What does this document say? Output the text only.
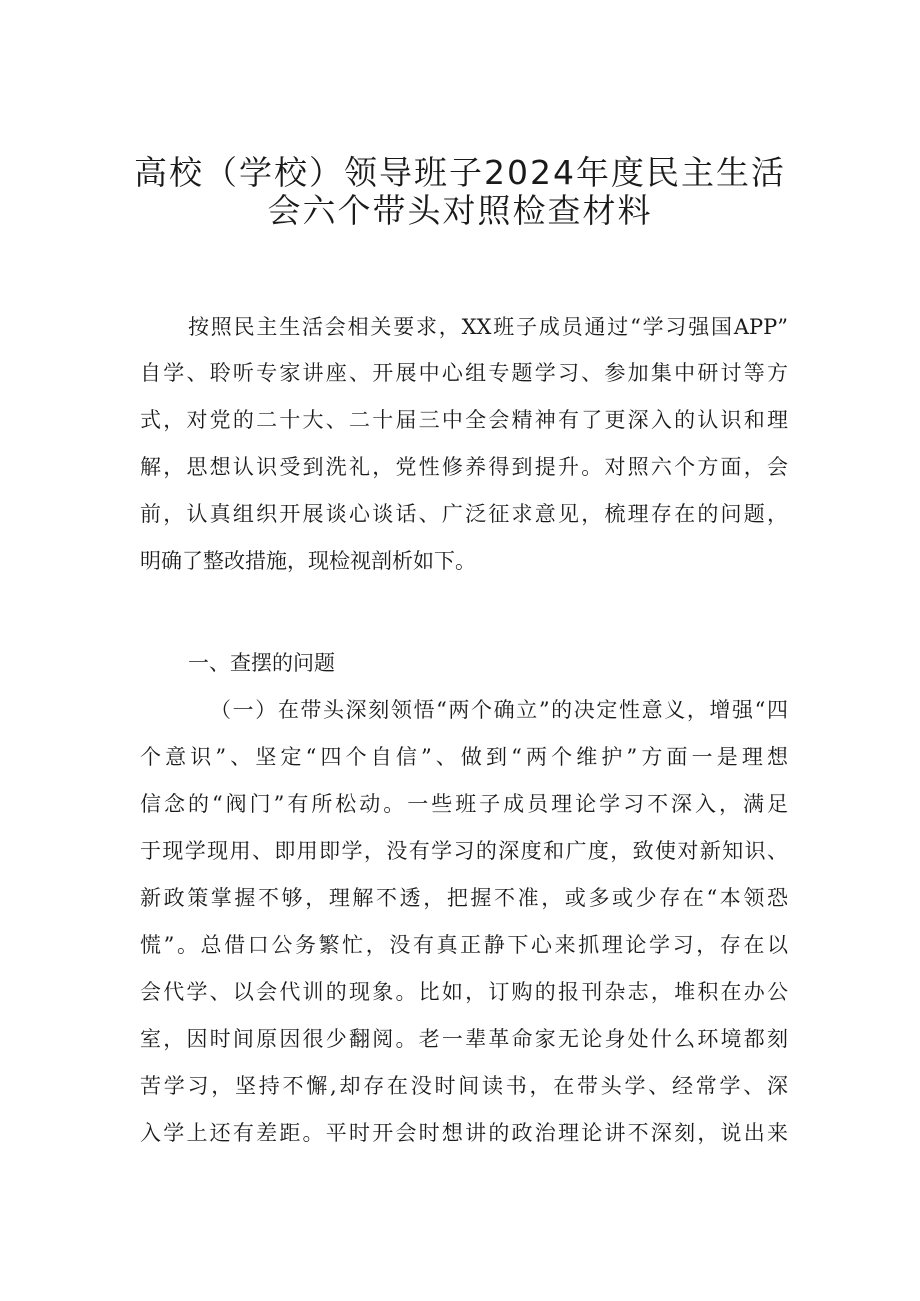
高校（学校）领导班子2024年度民主生活
会六个带头对照检查材料

按照民主生活会相关要求，XX班子成员通过“学习强国APP”

自学、聆听专家讲座、开展中心组专题学习、参加集中研讨等方

式，对党的二十大、二十届三中全会精神有了更深入的认识和理

解，思想认识受到洗礼，党性修养得到提升。对照六个方面，会

前，认真组织开展谈心谈话、广泛征求意见，梳理存在的问题，

明确了整改措施，现检视剖析如下。

一、查摆的问题

（一）在带头深刻领悟“两个确立”的决定性意义，增强“四

个意识”、坚定“四个自信”、做到“两个维护”方面一是理想

信念的“阀门”有所松动。一些班子成员理论学习不深入，满足

于现学现用、即用即学，没有学习的深度和广度，致使对新知识、

新政策掌握不够，理解不透，把握不准，或多或少存在“本领恐

慌”。总借口公务繁忙，没有真正静下心来抓理论学习，存在以

会代学、以会代训的现象。比如，订购的报刊杂志，堆积在办公

室，因时间原因很少翻阅。老一辈革命家无论身处什么环境都刻

苦学习，坚持不懈,却存在没时间读书，在带头学、经常学、深

入学上还有差距。平时开会时想讲的政治理论讲不深刻，说出来
